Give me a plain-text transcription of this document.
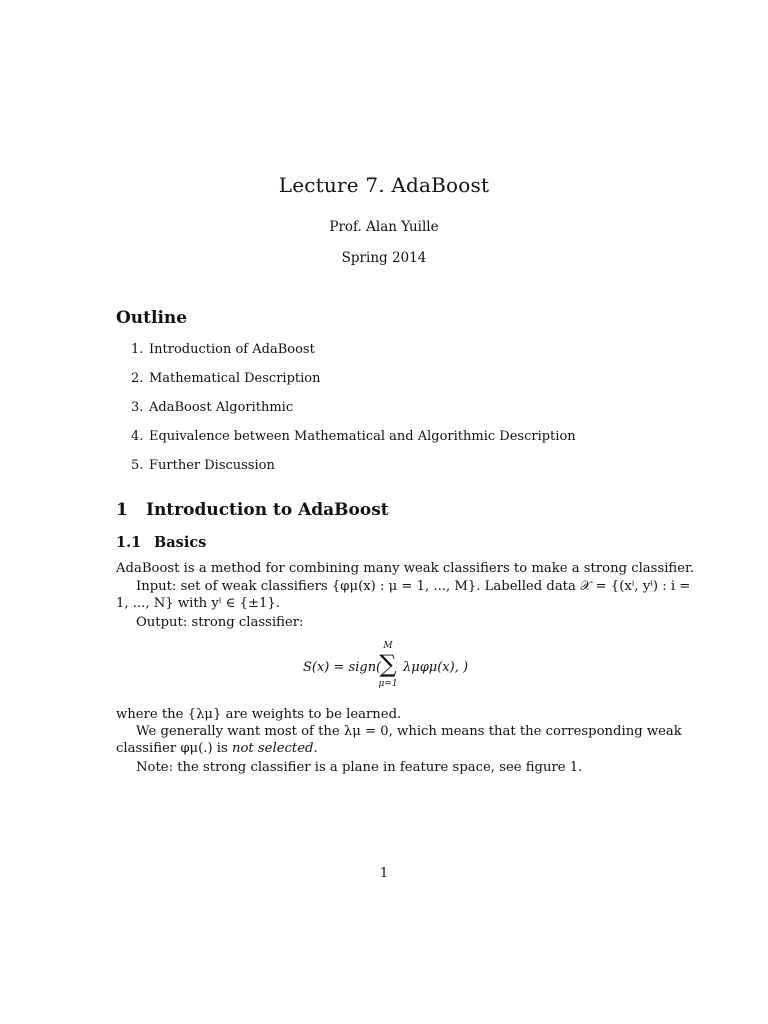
Lecture 7. AdaBoost
Prof. Alan Yuille
Spring 2014
Outline
1. Introduction of AdaBoost
2. Mathematical Description
3. AdaBoost Algorithmic
4. Equivalence between Mathematical and Algorithmic Description
5. Further Discussion
1 Introduction to AdaBoost
1.1 Basics
AdaBoost is a method for combining many weak classifiers to make a strong classifier.
Input: set of weak classifiers {φμ(x) : μ = 1, ..., M}. Labelled data 𝒳 = {(xⁱ, yⁱ) : i =
1, ..., N} with yⁱ ∈ {±1}.
Output: strong classifier:
S(x) = sign(
M
∑
μ=1
λμφμ(x), )
where the {λμ} are weights to be learned.
We generally want most of the λμ = 0, which means that the corresponding weak
classifier φμ(.) is not selected.
Note: the strong classifier is a plane in feature space, see figure 1.
1
